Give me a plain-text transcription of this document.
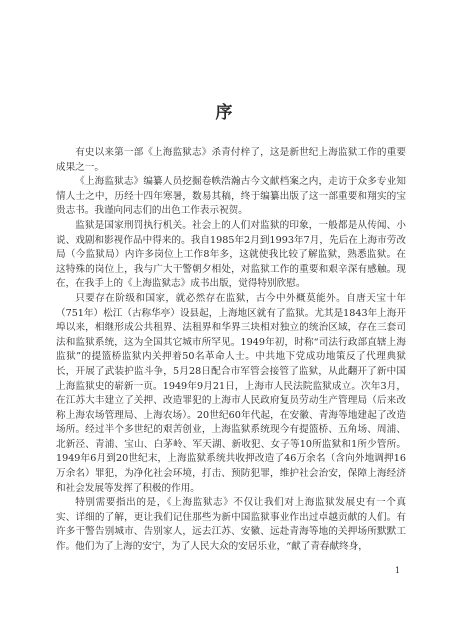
序

有史以来第一部《上海监狱志》杀青付梓了，这是新世纪上海监狱工作的重要成果之一。

《上海监狱志》编纂人员挖掘卷帙浩瀚古今文献档案之内，走访于众多专业知情人士之中，历经十四年寒暑，数易其稿，终于编纂出版了这一部重要和翔实的宝贵志书。我谨向同志们的出色工作表示祝贺。

监狱是国家刑罚执行机关。社会上的人们对监狱的印象，一般都是从传闻、小说、戏剧和影视作品中得来的。我自1985年2月到1993年7月，先后在上海市劳改局（今监狱局）内许多岗位上工作8年多，这就使我比较了解监狱，熟悉监狱。在这特殊的岗位上，我与广大干警朝夕相处，对监狱工作的重要和艰辛深有感触。现在，在我手上的《上海监狱志》成书出版，觉得特别欣慰。

只要存在阶级和国家，就必然存在监狱，古今中外概莫能外。自唐天宝十年（751年）松江（古称华亭）设县起，上海地区就有了监狱。尤其是1843年上海开埠以来，相继形成公共租界、法租界和华界三块相对独立的统治区域，存在三套司法和监狱系统，这为全国其它城市所罕见。1949年初，时称“司法行政部直辖上海监狱”的提篮桥监狱内关押着50名革命人士。中共地下党成功地策反了代理典狱长，开展了武装护监斗争，5月28日配合市军管会接管了监狱，从此翻开了新中国上海监狱史的崭新一页。1949年9月21日，上海市人民法院监狱成立。次年3月，在江苏大丰建立了关押、改造罪犯的上海市人民政府复员劳动生产管理局（后来改称上海农场管理局、上海农场）。20世纪60年代起，在安徽、青海等地建起了改造场所。经过半个多世纪的艰苦创业，上海监狱系统现今有提篮桥、五角场、周浦、北新泾、青浦、宝山、白茅岭、军天湖、新收犯、女子等10所监狱和1所少管所。1949年6月到20世纪末，上海监狱系统共收押改造了46万余名（含向外地调押16万余名）罪犯，为净化社会环境，打击、预防犯罪，维护社会治安，保障上海经济和社会发展等发挥了积极的作用。

特别需要指出的是，《上海监狱志》不仅让我们对上海监狱发展史有一个真实、详细的了解，更让我们记住那些为新中国监狱事业作出过卓越贡献的人们。有许多干警告别城市、告别家人，远去江苏、安徽、远赴青海等地的关押场所默默工作。他们为了上海的安宁，为了人民大众的安居乐业，“献了青春献终身，

1
